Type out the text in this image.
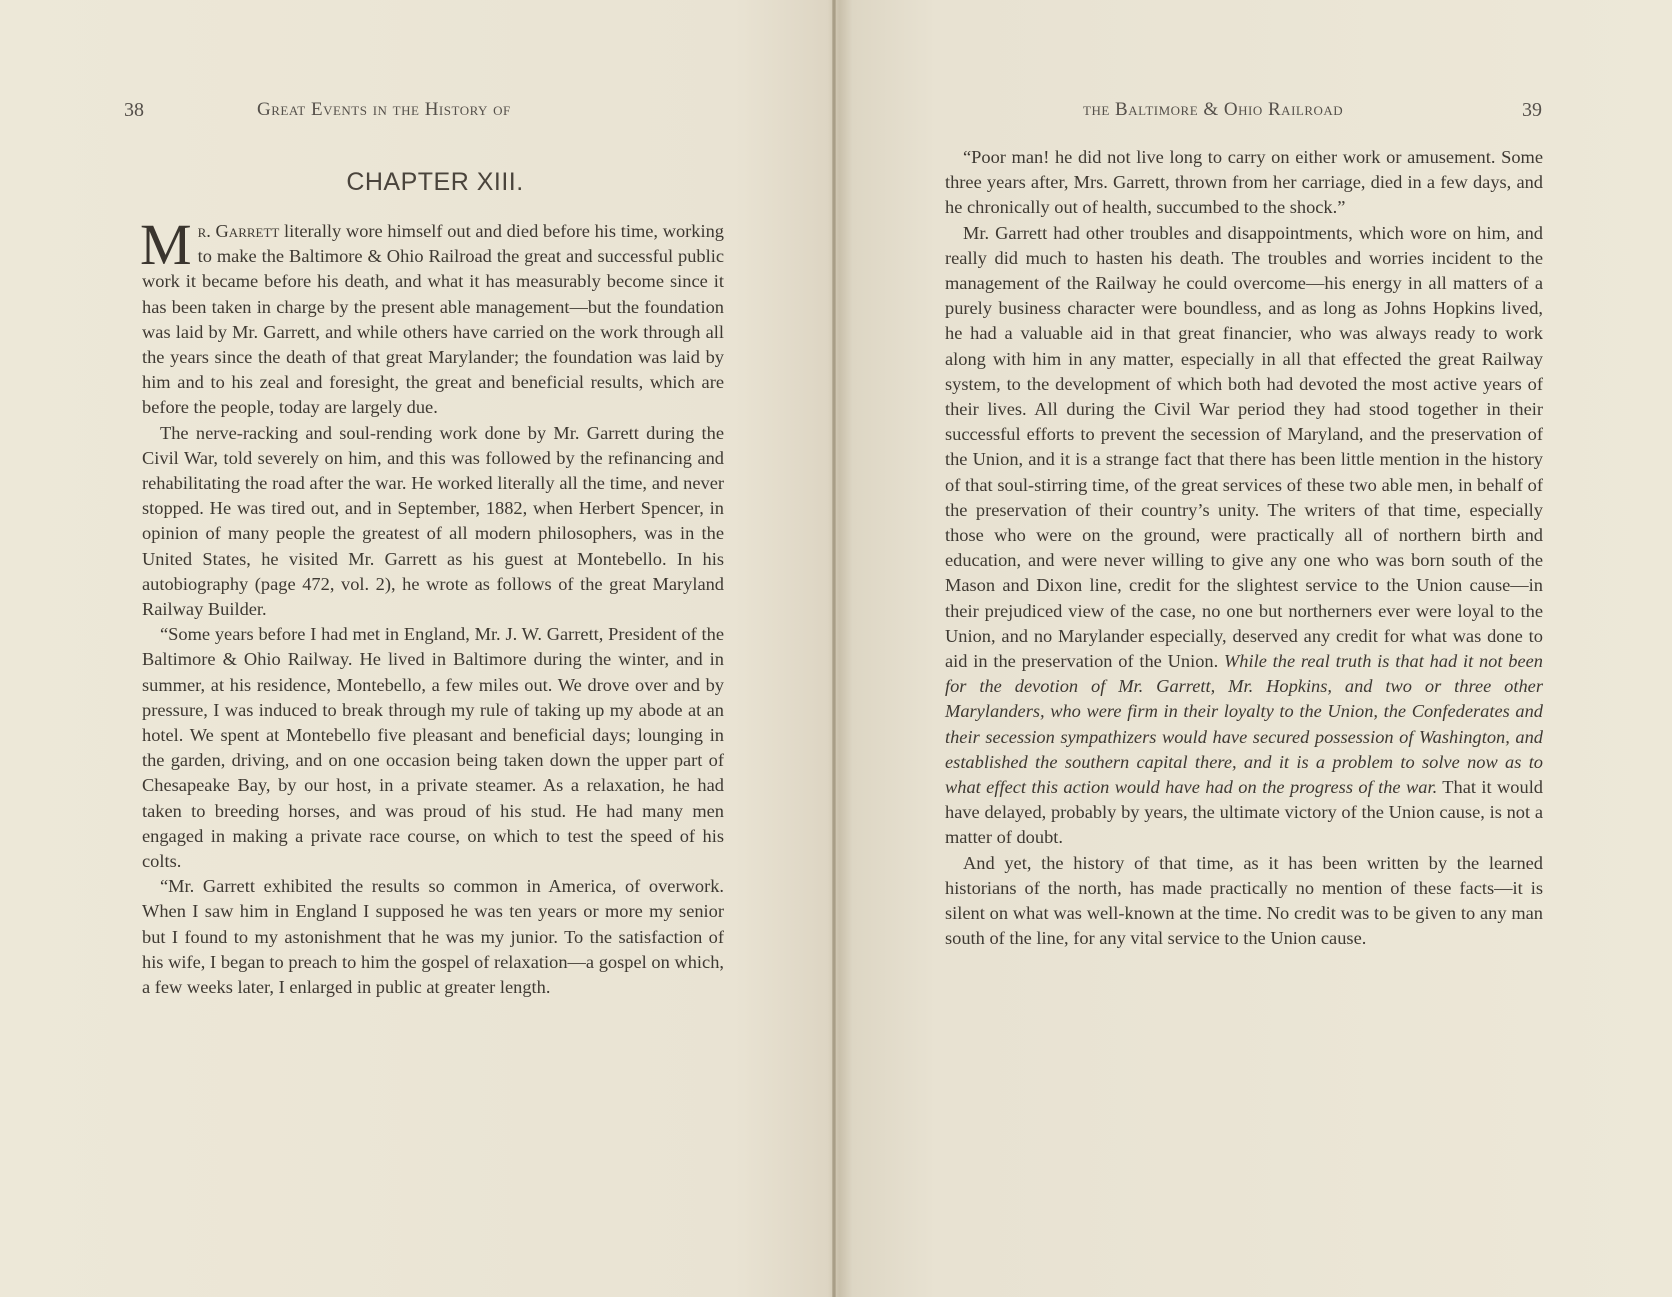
38	Great Events in the History of
CHAPTER XIII.

Mr. Garrett literally wore himself out and died before his time, working to make the Baltimore & Ohio Railroad the great and successful public work it became before his death, and what it has measurably become since it has been taken in charge by the present able management—but the foundation was laid by Mr. Garrett, and while others have carried on the work through all the years since the death of that great Marylander; the foundation was laid by him and to his zeal and foresight, the great and beneficial results, which are before the people, today are largely due.

The nerve-racking and soul-rending work done by Mr. Garrett during the Civil War, told severely on him, and this was followed by the refinancing and rehabilitating the road after the war. He worked literally all the time, and never stopped. He was tired out, and in September, 1882, when Herbert Spencer, in opinion of many people the greatest of all modern philosophers, was in the United States, he visited Mr. Garrett as his guest at Montebello. In his autobiography (page 472, vol. 2), he wrote as follows of the great Maryland Railway Builder.

“Some years before I had met in England, Mr. J. W. Garrett, President of the Baltimore & Ohio Railway. He lived in Baltimore during the winter, and in summer, at his residence, Montebello, a few miles out. We drove over and by pressure, I was induced to break through my rule of taking up my abode at an hotel. We spent at Montebello five pleasant and beneficial days; lounging in the garden, driving, and on one occasion being taken down the upper part of Chesapeake Bay, by our host, in a private steamer. As a relaxation, he had taken to breeding horses, and was proud of his stud. He had many men engaged in making a private race course, on which to test the speed of his colts.

“Mr. Garrett exhibited the results so common in America, of overwork. When I saw him in England I supposed he was ten years or more my senior but I found to my astonishment that he was my junior. To the satisfaction of his wife, I began to preach to him the gospel of relaxation—a gospel on which, a few weeks later, I enlarged in public at greater length.

the Baltimore & Ohio Railroad	39

“Poor man! he did not live long to carry on either work or amusement. Some three years after, Mrs. Garrett, thrown from her carriage, died in a few days, and he chronically out of health, succumbed to the shock.”

Mr. Garrett had other troubles and disappointments, which wore on him, and really did much to hasten his death. The troubles and worries incident to the management of the Railway he could overcome—his energy in all matters of a purely business character were boundless, and as long as Johns Hopkins lived, he had a valuable aid in that great financier, who was always ready to work along with him in any matter, especially in all that effected the great Railway system, to the development of which both had devoted the most active years of their lives. All during the Civil War period they had stood together in their successful efforts to prevent the secession of Maryland, and the preservation of the Union, and it is a strange fact that there has been little mention in the history of that soul-stirring time, of the great services of these two able men, in behalf of the preservation of their country’s unity. The writers of that time, especially those who were on the ground, were practically all of northern birth and education, and were never willing to give any one who was born south of the Mason and Dixon line, credit for the slightest service to the Union cause—in their prejudiced view of the case, no one but northerners ever were loyal to the Union, and no Marylander especially, deserved any credit for what was done to aid in the preservation of the Union. While the real truth is that had it not been for the devotion of Mr. Garrett, Mr. Hopkins, and two or three other Marylanders, who were firm in their loyalty to the Union, the Confederates and their secession sympathizers would have secured possession of Washington, and established the southern capital there, and it is a problem to solve now as to what effect this action would have had on the progress of the war. That it would have delayed, probably by years, the ultimate victory of the Union cause, is not a matter of doubt.

And yet, the history of that time, as it has been written by the learned historians of the north, has made practically no mention of these facts—it is silent on what was well-known at the time. No credit was to be given to any man south of the line, for any vital service to the Union cause.
